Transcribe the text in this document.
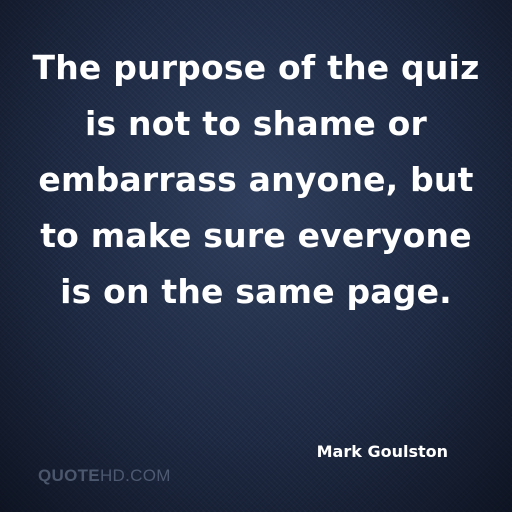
The purpose of the quiz
is not to shame or
embarrass anyone, but
to make sure everyone
is on the same page.

Mark Goulston
QUOTEHD.COM
